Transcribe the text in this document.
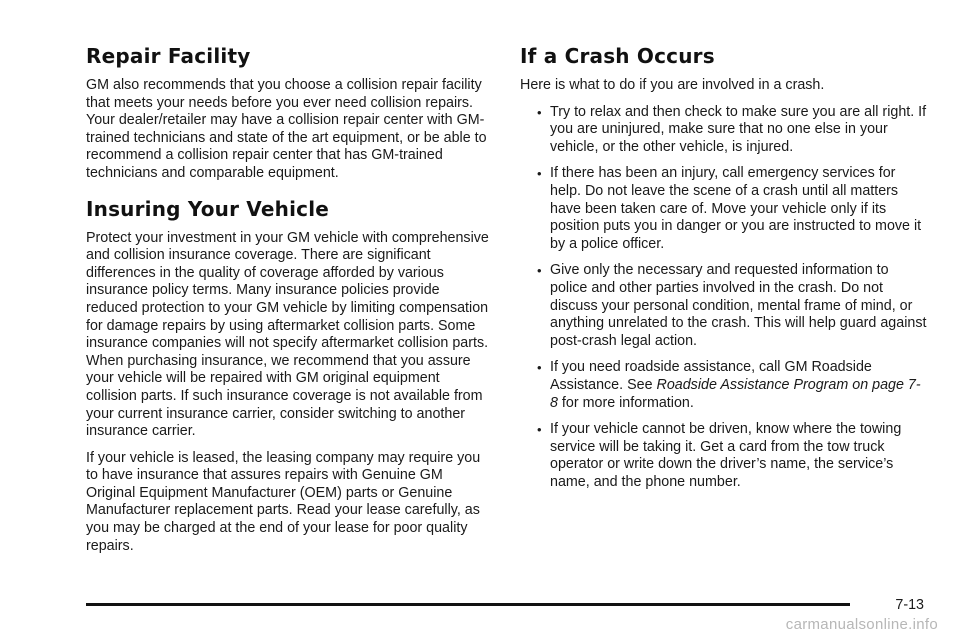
Repair Facility

GM also recommends that you choose a collision repair facility that meets your needs before you ever need collision repairs. Your dealer/retailer may have a collision repair center with GM-trained technicians and state of the art equipment, or be able to recommend a collision repair center that has GM-trained technicians and comparable equipment.

Insuring Your Vehicle

Protect your investment in your GM vehicle with comprehensive and collision insurance coverage. There are significant differences in the quality of coverage afforded by various insurance policy terms. Many insurance policies provide reduced protection to your GM vehicle by limiting compensation for damage repairs by using aftermarket collision parts. Some insurance companies will not specify aftermarket collision parts. When purchasing insurance, we recommend that you assure your vehicle will be repaired with GM original equipment collision parts. If such insurance coverage is not available from your current insurance carrier, consider switching to another insurance carrier.

If your vehicle is leased, the leasing company may require you to have insurance that assures repairs with Genuine GM Original Equipment Manufacturer (OEM) parts or Genuine Manufacturer replacement parts. Read your lease carefully, as you may be charged at the end of your lease for poor quality repairs.

If a Crash Occurs

Here is what to do if you are involved in a crash.

• Try to relax and then check to make sure you are all right. If you are uninjured, make sure that no one else in your vehicle, or the other vehicle, is injured.
• If there has been an injury, call emergency services for help. Do not leave the scene of a crash until all matters have been taken care of. Move your vehicle only if its position puts you in danger or you are instructed to move it by a police officer.
• Give only the necessary and requested information to police and other parties involved in the crash. Do not discuss your personal condition, mental frame of mind, or anything unrelated to the crash. This will help guard against post-crash legal action.
• If you need roadside assistance, call GM Roadside Assistance. See Roadside Assistance Program on page 7-8 for more information.
• If your vehicle cannot be driven, know where the towing service will be taking it. Get a card from the tow truck operator or write down the driver’s name, the service’s name, and the phone number.
7-13
carmanualsonline.info
